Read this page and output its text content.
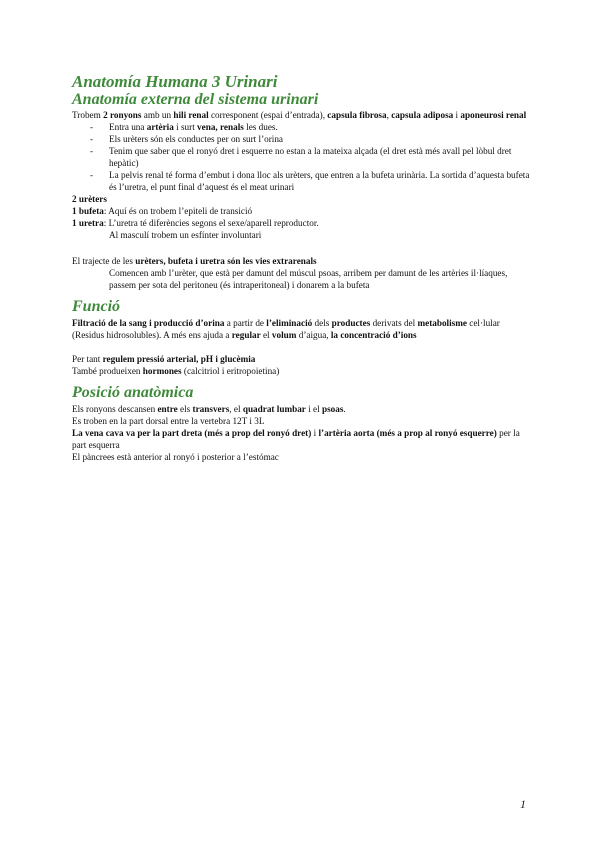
Anatomía Humana 3 Urinari
Anatomía externa del sistema urinari

Trobem 2 ronyons amb un hili renal corresponent (espai d’entrada), capsula fibrosa, capsula adiposa i aponeurosi renal

- Entra una artèria i surt vena, renals les dues.
- Els urèters són els conductes per on surt l’orina
- Tenim que saber que el ronyó dret i esquerre no estan a la mateixa alçada (el dret està més avall pel lòbul dret hepàtic)
- La pelvis renal té forma d’embut i dona lloc als urèters, que entren a la bufeta urinària. La sortida d’aquesta bufeta és l’uretra, el punt final d’aquest és el meat urinari

2 urèters

1 bufeta: Aquí és on trobem l’epiteli de transició

1 uretra: L’uretra té diferències segons el sexe/aparell reproductor.

Al masculí trobem un esfínter involuntari

El trajecte de les urèters, bufeta i uretra són les vies extrarenals

Comencen amb l’urèter, que està per damunt del múscul psoas, arribem per damunt de les artèries il·líaques, passem per sota del peritoneu (és intraperitoneal) i donarem a la bufeta

Funció

Filtració de la sang i producció d’orina a partir de l’eliminació dels productes derivats del metabolisme cel·lular (Residus hidrosolubles). A més ens ajuda a regular el volum d’aigua, la concentració d’ions

Per tant regulem pressió arterial, pH i glucèmia

També produeixen hormones (calcitriol i eritropoietina)

Posició anatòmica

Els ronyons descansen entre els transvers, el quadrat lumbar i el psoas.

Es troben en la part dorsal entre la vertebra 12T i 3L

La vena cava va per la part dreta (més a prop del ronyó dret) i l’artèria aorta (més a prop al ronyó esquerre) per la part esquerra

El pàncrees està anterior al ronyó i posterior a l’estómac

1
